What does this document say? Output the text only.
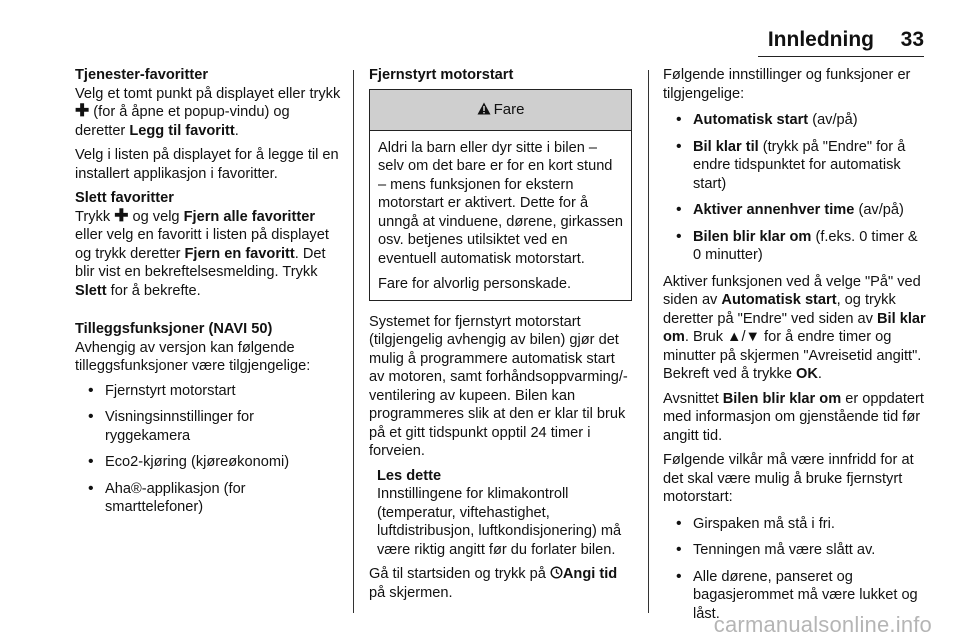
Innledning 33

Tjenester-favoritter

Velg et tomt punkt på displayet eller trykk ✚ (for å åpne et popup-vindu) og deretter Legg til favoritt.

Velg i listen på displayet for å legge til en installert applikasjon i favoritter.

Slett favoritter

Trykk ✚ og velg Fjern alle favoritter eller velg en favoritt i listen på displayet og trykk deretter Fjern en favoritt. Det blir vist en bekreftelsesmelding. Trykk Slett for å bekrefte.

Tilleggsfunksjoner (NAVI 50)

Avhengig av versjon kan følgende tilleggsfunksjoner være tilgjengelige:

• Fjernstyrt motorstart
• Visningsinnstillinger for ryggekamera
• Eco2-kjøring (kjøreøkonomi)
• Aha®-applikasjon (for smarttelefoner)

Fjernstyrt motorstart

Fare

Aldri la barn eller dyr sitte i bilen – selv om det bare er for en kort stund – mens funksjonen for ekstern motorstart er aktivert. Dette for å unngå at vinduene, dørene, girkassen osv. betjenes utilsiktet ved en eventuell automatisk motorstart.

Fare for alvorlig personskade.

Systemet for fjernstyrt motorstart (tilgjengelig avhengig av bilen) gjør det mulig å programmere automatisk start av motoren, samt forhåndsoppvarming/-ventilering av kupeen. Bilen kan programmeres slik at den er klar til bruk på et gitt tidspunkt opptil 24 timer i forveien.

Les dette

Innstillingene for klimakontroll (temperatur, viftehastighet, luftdistribusjon, luftkondisjonering) må være riktig angitt før du forlater bilen.

Gå til startsiden og trykk på Angi tid på skjermen.

Følgende innstillinger og funksjoner er tilgjengelige:

• Automatisk start (av/på)
• Bil klar til (trykk på "Endre" for å endre tidspunktet for automatisk start)
• Aktiver annenhver time (av/på)
• Bilen blir klar om (f.eks. 0 timer & 0 minutter)

Aktiver funksjonen ved å velge "På" ved siden av Automatisk start, og trykk deretter på "Endre" ved siden av Bil klar om. Bruk ▲/▼ for å endre timer og minutter på skjermen "Avreisetid angitt". Bekreft ved å trykke OK.

Avsnittet Bilen blir klar om er oppdatert med informasjon om gjenstående tid før angitt tid.

Følgende vilkår må være innfridd for at det skal være mulig å bruke fjernstyrt motorstart:

• Girspaken må stå i fri.
• Tenningen må være slått av.
• Alle dørene, panseret og bagasjerommet må være lukket og låst.
carmanualsonline.info
